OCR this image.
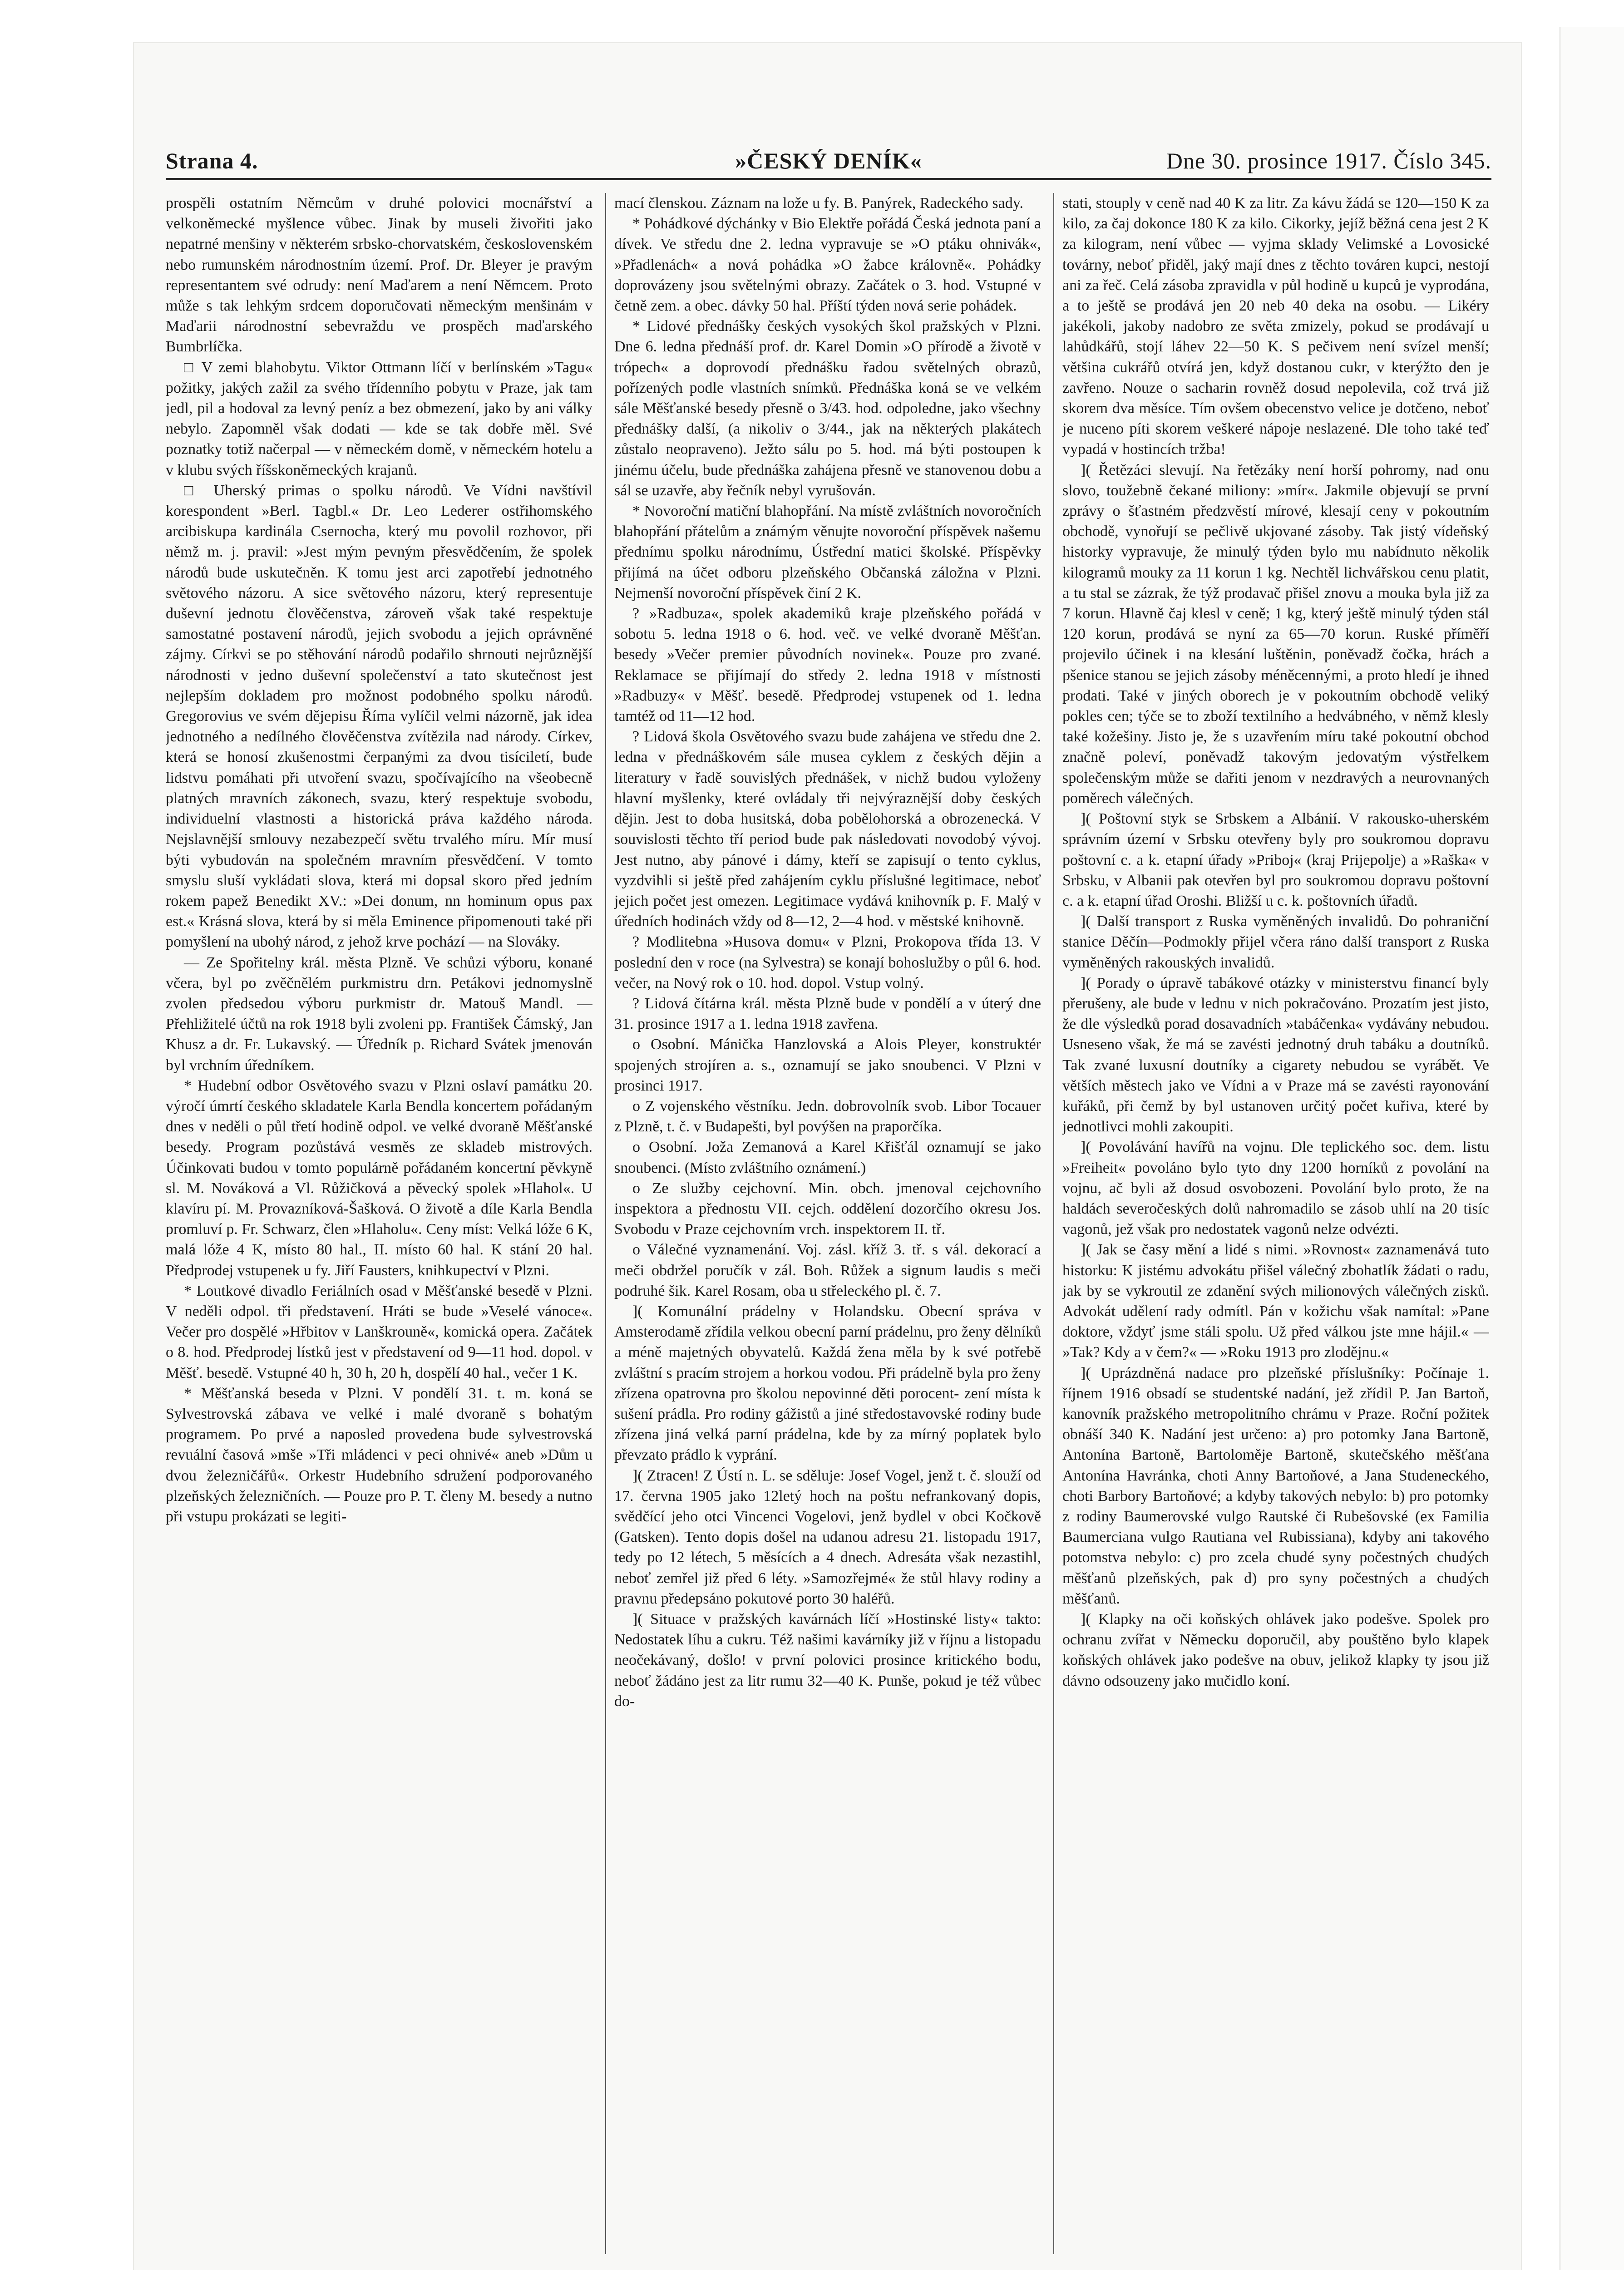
Strana 4.	»ČESKÝ DENÍK«	Dne 30. prosince 1917. Číslo 345.

prospěli ostatním Němcům v druhé polovici mocnářství a velkoněmecké myšlence vůbec. Jinak by museli živořiti jako nepatrné menšiny v některém srbsko-chorvatském, československém nebo rumunském národnostním území. Prof. Dr. Bleyer je pravým representantem své odrudy: není Maďarem a není Němcem. Proto může s tak lehkým srdcem doporučovati německým menšinám v Maďarii národnostní sebevraždu ve prospěch maďarského Bumbrlíčka.

□ V zemi blahobytu. Viktor Ottmann líčí v berlínském »Tagu« požitky, jakých zažil za svého třídenního pobytu v Praze, jak tam jedl, pil a hodoval za levný peníz a bez obmezení, jako by ani války nebylo. Zapomněl však dodati — kde se tak dobře měl. Své poznatky totiž načerpal — v německém domě, v německém hotelu a v klubu svých říšskoněmeckých krajanů.

□ Uherský primas o spolku národů. Ve Vídni navštívil korespondent »Berl. Tagbl.« Dr. Leo Lederer ostřihomského arcibiskupa kardinála Csernocha, který mu povolil rozhovor, při němž m. j. pravil: »Jest mým pevným přesvědčením, že spolek národů bude uskutečněn. K tomu jest arci zapotřebí jednotného světového názoru. A sice světového názoru, který representuje duševní jednotu člověčenstva, zároveň však také respektuje samostatné postavení národů, jejich svobodu a jejich oprávněné zájmy. Církvi se po stěhování národů podařilo shrnouti nejrůznější národnosti v jedno duševní společenství a tato skutečnost jest nejlepším dokladem pro možnost podobného spolku národů. Gregorovius ve svém dějepisu Říma vylíčil velmi názorně, jak idea jednotného a nedílného člověčenstva zvítězila nad národy. Církev, která se honosí zkušenostmi čerpanými za dvou tisíciletí, bude lidstvu pomáhati při utvoření svazu, spočívajícího na všeobecně platných mravních zákonech, svazu, který respektuje svobodu, individuelní vlastnosti a historická práva každého národa. Nejslavnější smlouvy nezabezpečí světu trvalého míru. Mír musí býti vybudován na společném mravním přesvědčení. V tomto smyslu sluší vykládati slova, která mi dopsal skoro před jedním rokem papež Benedikt XV.: »Dei donum, nn hominum opus pax est.« Krásná slova, která by si měla Eminence připomenouti také při pomyšlení na ubohý národ, z jehož krve pochází — na Slováky.

— Ze Spořitelny král. města Plzně. Ve schůzi výboru, konané včera, byl po zvěčnělém purkmistru drn. Petákovi jednomyslně zvolen předsedou výboru purkmistr dr. Matouš Mandl. — Přehližitelé účtů na rok 1918 byli zvoleni pp. František Čámský, Jan Khusz a dr. Fr. Lukavský. — Úředník p. Richard Svátek jmenován byl vrchním úředníkem.

* Hudební odbor Osvětového svazu v Plzni oslaví památku 20. výročí úmrtí českého skladatele Karla Bendla koncertem pořádaným dnes v neděli o půl třetí hodině odpol. ve velké dvoraně Měšťanské besedy. Program pozůstává vesměs ze skladeb mistrových. Účinkovati budou v tomto populárně pořádaném koncertní pěvkyně sl. M. Nováková a Vl. Růžičková a pěvecký spolek »Hlahol«. U klavíru pí. M. Provazníková-Šašková. O životě a díle Karla Bendla promluví p. Fr. Schwarz, člen »Hlaholu«. Ceny míst: Velká lóže 6 K, malá lóže 4 K, místo 80 hal., II. místo 60 hal. K stání 20 hal. Předprodej vstupenek u fy. Jiří Fausters, knihkupectví v Plzni.

* Loutkové divadlo Feriálních osad v Měšťanské besedě v Plzni. V neděli odpol. tři představení. Hráti se bude »Veselé vánoce«. Večer pro dospělé »Hřbitov v Lanškrouně«, komická opera. Začátek o 8. hod. Předprodej lístků jest v představení od 9—11 hod. dopol. v Měšť. besedě. Vstupné 40 h, 30 h, 20 h, dospělí 40 hal., večer 1 K.

* Měšťanská beseda v Plzni. V pondělí 31. t. m. koná se Sylvestrovská zábava ve velké i malé dvoraně s bohatým programem. Po prvé a naposled provedena bude sylvestrovská revuální časová »mše »Tři mládenci v peci ohnivé« aneb »Dům u dvou železničářů«. Orkestr Hudebního sdružení podporovaného plzeňských železničních. — Pouze pro P. T. členy M. besedy a nutno při vstupu prokázati se legiti-

mací členskou. Záznam na lože u fy. B. Panýrek, Radeckého sady.

* Pohádkové dýchánky v Bio Elektře pořádá Česká jednota paní a dívek. Ve středu dne 2. ledna vypravuje se »O ptáku ohnivák«, »Přadlenách« a nová pohádka »O žabce královně«. Pohádky doprovázeny jsou světelnými obrazy. Začátek o 3. hod. Vstupné v četně zem. a obec. dávky 50 hal. Příští týden nová serie pohádek.

* Lidové přednášky českých vysokých škol pražských v Plzni. Dne 6. ledna přednáší prof. dr. Karel Domin »O přírodě a životě v trópech« a doprovodí přednášku řadou světelných obrazů, pořízených podle vlastních snímků. Přednáška koná se ve velkém sále Měšťanské besedy přesně o 3/43. hod. odpoledne, jako všechny přednášky další, (a nikoliv o 3/44., jak na některých plakátech zůstalo neopraveno). Ježto sálu po 5. hod. má býti postoupen k jinému účelu, bude přednáška zahájena přesně ve stanovenou dobu a sál se uzavře, aby řečník nebyl vyrušován.

* Novoroční matiční blahopřání. Na místě zvláštních novoročních blahopřání přátelům a známým věnujte novoroční příspěvek našemu přednímu spolku národnímu, Ústřední matici školské. Příspěvky přijímá na účet odboru plzeňského Občanská záložna v Plzni. Nejmenší novoroční příspěvek činí 2 K.

? »Radbuza«, spolek akademiků kraje plzeňského pořádá v sobotu 5. ledna 1918 o 6. hod. več. ve velké dvoraně Měšťan. besedy »Večer premier původních novinek«. Pouze pro zvané. Reklamace se přijímají do středy 2. ledna 1918 v místnosti »Radbuzy« v Měšť. besedě. Předprodej vstupenek od 1. ledna tamtéž od 11—12 hod.

? Lidová škola Osvětového svazu bude zahájena ve středu dne 2. ledna v přednáškovém sále musea cyklem z českých dějin a literatury v řadě souvislých přednášek, v nichž budou vyloženy hlavní myšlenky, které ovládaly tři nejvýraznější doby českých dějin. Jest to doba husitská, doba pobělohorská a obrozenecká. V souvislosti těchto tří period bude pak následovati novodobý vývoj. Jest nutno, aby pánové i dámy, kteří se zapisují o tento cyklus, vyzdvihli si ještě před zahájením cyklu příslušné legitimace, neboť jejich počet jest omezen. Legitimace vydává knihovník p. F. Malý v úředních hodinách vždy od 8—12, 2—4 hod. v městské knihovně.

? Modlitebna »Husova domu« v Plzni, Prokopova třída 13. V poslední den v roce (na Sylvestra) se konají bohoslužby o půl 6. hod. večer, na Nový rok o 10. hod. dopol. Vstup volný.

? Lidová čítárna král. města Plzně bude v pondělí a v úterý dne 31. prosince 1917 a 1. ledna 1918 zavřena.

o Osobní. Mánička Hanzlovská a Alois Pleyer, konstruktér spojených strojíren a. s., oznamují se jako snoubenci. V Plzni v prosinci 1917.

o Z vojenského věstníku. Jedn. dobrovolník svob. Libor Tocauer z Plzně, t. č. v Budapešti, byl povýšen na praporčíka.

o Osobní. Joža Zemanová a Karel Křišťál oznamují se jako snoubenci. (Místo zvláštního oznámení.)

o Ze služby cejchovní. Min. obch. jmenoval cejchovního inspektora a přednostu VII. cejch. oddělení dozorčího okresu Jos. Svobodu v Praze cejchovním vrch. inspektorem II. tř.

o Válečné vyznamenání. Voj. zásl. kříž 3. tř. s vál. dekorací a meči obdržel poručík v zál. Boh. Růžek a signum laudis s meči podruhé šik. Karel Rosam, oba u střeleckého pl. č. 7.

]( Komunální prádelny v Holandsku. Obecní správa v Amsterodamě zřídila velkou obecní parní prádelnu, pro ženy dělníků a méně majetných obyvatelů. Každá žena měla by k své potřebě zvláštní s pracím strojem a horkou vodou. Při prádelně byla pro ženy zřízena opatrovna pro školou nepovinné děti porocent- zení místa k sušení prádla. Pro rodiny gážistů a jiné středostavovské rodiny bude zřízena jiná velká parní prádelna, kde by za mírný poplatek bylo převzato prádlo k vyprání.

]( Ztracen! Z Ústí n. L. se sděluje: Josef Vogel, jenž t. č. slouží od 17. června 1905 jako 12letý hoch na poštu nefrankovaný dopis, svědčící jeho otci Vincenci Vogelovi, jenž bydlel v obci Kočkově (Gatsken). Tento dopis došel na udanou adresu 21. listopadu 1917, tedy po 12 létech, 5 měsících a 4 dnech. Adresáta však nezastihl, neboť zemřel již před 6 léty. »Samozřejmé« že stůl hlavy rodiny a pravnu předepsáno pokutové porto 30 haléřů.

]( Situace v pražských kavárnách líčí »Hostinské listy« takto: Nedostatek líhu a cukru. Též našimi kavárníky již v říjnu a listopadu neočekávaný, došlo! v první polovici prosince kritického bodu, neboť žádáno jest za litr rumu 32—40 K. Punše, pokud je též vůbec do-

stati, stouply v ceně nad 40 K za litr. Za kávu žádá se 120—150 K za kilo, za čaj dokonce 180 K za kilo. Cikorky, jejíž běžná cena jest 2 K za kilogram, není vůbec — vyjma sklady Velimské a Lovosické továrny, neboť přiděl, jaký mají dnes z těchto továren kupci, nestojí ani za řeč. Celá zásoba zpravidla v půl hodině u kupců je vyprodána, a to ještě se prodává jen 20 neb 40 deka na osobu. — Likéry jakékoli, jakoby nadobro ze světa zmizely, pokud se prodávají u lahůdkářů, stojí láhev 22—50 K. S pečivem není svízel menší; většina cukrářů otvírá jen, když dostanou cukr, v kterýžto den je zavřeno. Nouze o sacharin rovněž dosud nepolevila, což trvá již skorem dva měsíce. Tím ovšem obecenstvo velice je dotčeno, neboť je nuceno píti skorem veškeré nápoje neslazené. Dle toho také teď vypadá v hostincích tržba!

]( Řetězáci slevují. Na řetězáky není horší pohromy, nad onu slovo, toužebně čekané miliony: »mír«. Jakmile objevují se první zprávy o šťastném předzvěstí mírové, klesají ceny v pokoutním obchodě, vynořují se pečlivě ukjované zásoby. Tak jistý vídeňský historky vypravuje, že minulý týden bylo mu nabídnuto několik kilogramů mouky za 11 korun 1 kg. Nechtěl lichvářskou cenu platit, a tu stal se zázrak, že týž prodavač přišel znovu a mouka byla již za 7 korun. Hlavně čaj klesl v ceně; 1 kg, který ještě minulý týden stál 120 korun, prodává se nyní za 65—70 korun. Ruské příměří projevilo účinek i na klesání luštěnin, poněvadž čočka, hrách a pšenice stanou se jejich zásoby méněcennými, a proto hledí je ihned prodati. Také v jiných oborech je v pokoutním obchodě veliký pokles cen; týče se to zboží textilního a hedvábného, v němž klesly také kožešiny. Jisto je, že s uzavřením míru také pokoutní obchod značně poleví, poněvadž takovým jedovatým výstřelkem společenským může se dařiti jenom v nezdravých a neurovnaných poměrech válečných.

]( Poštovní styk se Srbskem a Albánií. V rakousko-uherském správním území v Srbsku otevřeny byly pro soukromou dopravu poštovní c. a k. etapní úřady »Priboj« (kraj Prijepolje) a »Raška« v Srbsku, v Albanii pak otevřen byl pro soukromou dopravu poštovní c. a k. etapní úřad Oroshi. Bližší u c. k. poštovních úřadů.

]( Další transport z Ruska vyměněných invalidů. Do pohraniční stanice Děčín—Podmokly přijel včera ráno další transport z Ruska vyměněných rakouských invalidů.

]( Porady o úpravě tabákové otázky v ministerstvu financí byly přerušeny, ale bude v lednu v nich pokračováno. Prozatím jest jisto, že dle výsledků porad dosavadních »tabáčenka« vydávány nebudou. Usneseno však, že má se zavésti jednotný druh tabáku a doutníků. Tak zvané luxusní doutníky a cigarety nebudou se vyrábět. Ve větších městech jako ve Vídni a v Praze má se zavésti rayonování kuřáků, při čemž by byl ustanoven určitý počet kuřiva, které by jednotlivci mohli zakoupiti.

]( Povolávání havířů na vojnu. Dle teplického soc. dem. listu »Freiheit« povoláno bylo tyto dny 1200 horníků z povolání na vojnu, ač byli až dosud osvobozeni. Povolání bylo proto, že na haldách severočeských dolů nahromadilo se zásob uhlí na 20 tisíc vagonů, jež však pro nedostatek vagonů nelze odvézti.

]( Jak se časy mění a lidé s nimi. »Rovnost« zaznamenává tuto historku: K jistému advokátu přišel válečný zbohatlík žádati o radu, jak by se vykroutil ze zdanění svých milionových válečných zisků. Advokát udělení rady odmítl. Pán v kožichu však namítal: »Pane doktore, vždyť jsme stáli spolu. Už před válkou jste mne hájil.« — »Tak? Kdy a v čem?« — »Roku 1913 pro zlodějnu.«

]( Uprázdněná nadace pro plzeňské příslušníky: Počínaje 1. říjnem 1916 obsadí se studentské nadání, jež zřídil P. Jan Bartoň, kanovník pražského metropolitního chrámu v Praze. Roční požitek obnáší 340 K. Nadání jest určeno: a) pro potomky Jana Bartoně, Antonína Bartoně, Bartoloměje Bartoně, skutečského měšťana Antonína Havránka, choti Anny Bartoňové, a Jana Studeneckého, choti Barbory Bartoňové; a kdyby takových nebylo: b) pro potomky z rodiny Baumerovské vulgo Rautské či Rubešovské (ex Familia Baumerciana vulgo Rautiana vel Rubissiana), kdyby ani takového potomstva nebylo: c) pro zcela chudé syny počestných chudých měšťanů plzeňských, pak d) pro syny počestných a chudých měšťanů.

]( Klapky na oči koňských ohlávek jako podešve. Spolek pro ochranu zvířat v Německu doporučil, aby pouštěno bylo klapek koňských ohlávek jako podešve na obuv, jelikož klapky ty jsou již dávno odsouzeny jako mučidlo koní.
